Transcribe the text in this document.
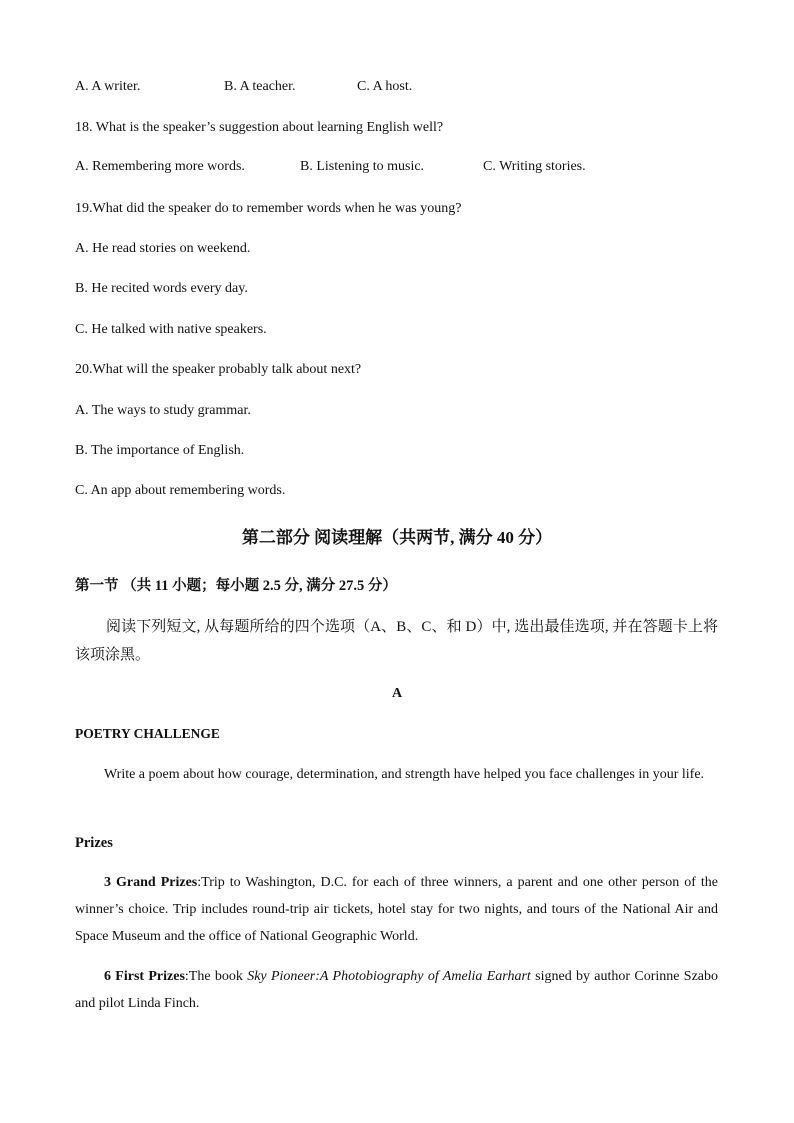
A. A writer.	B. A teacher.	C. A host.
18. What is the speaker’s suggestion about learning English well?
A. Remembering more words.	B. Listening to music.	C. Writing stories.
19.What did the speaker do to remember words when he was young?
A. He read stories on weekend.
B. He recited words every day.
C. He talked with native speakers.
20.What will the speaker probably talk about next?
A. The ways to study grammar.
B. The importance of English.
C. An app about remembering words.
第二部分 阅读理解（共两节, 满分 40 分）
第一节 （共 11 小题；每小题 2.5 分, 满分 27.5 分）
阅读下列短文, 从每题所给的四个选项（A、B、C、和 D）中, 选出最佳选项, 并在答题卡上将该项涂黑。
A
POETRY CHALLENGE
Write a poem about how courage, determination, and strength have helped you face challenges in your life.
Prizes
3 Grand Prizes:Trip to Washington, D.C. for each of three winners, a parent and one other person of the winner’s choice. Trip includes round-trip air tickets, hotel stay for two nights, and tours of the National Air and Space Museum and the office of National Geographic World.
6 First Prizes:The book Sky Pioneer:A Photobiography of Amelia Earhart signed by author Corinne Szabo and pilot Linda Finch.
